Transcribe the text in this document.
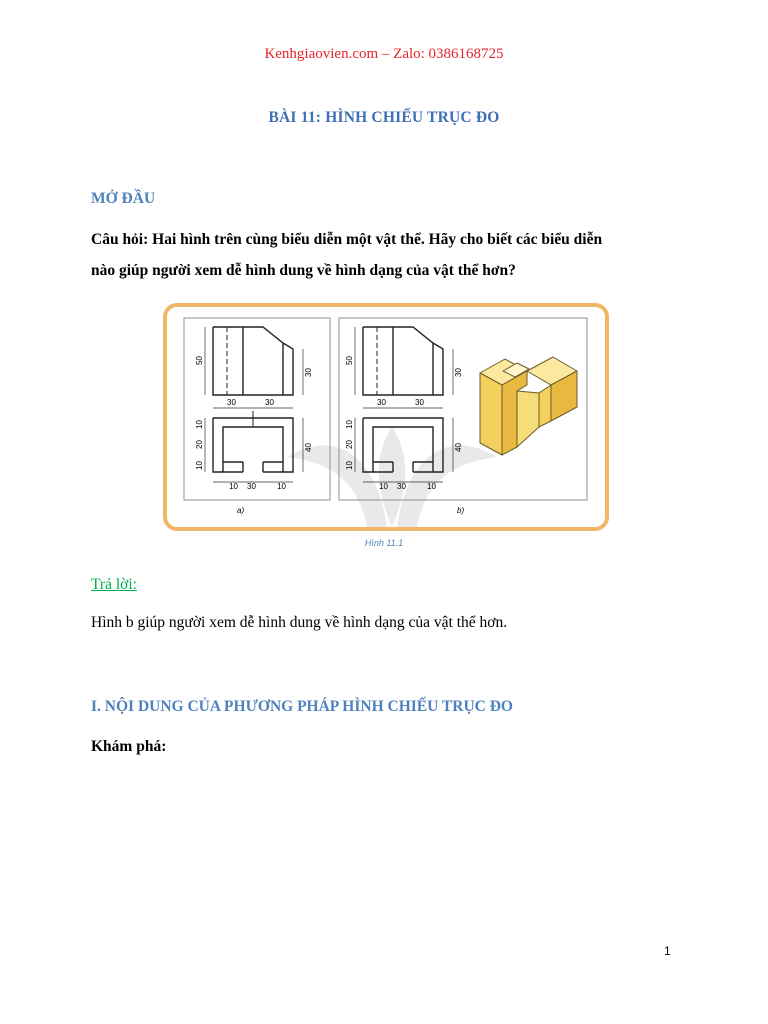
Kenhgiaovien.com – Zalo: 0386168725
BÀI 11: HÌNH CHIẾU TRỤC ĐO
MỞ ĐẦU
Câu hỏi: Hai hình trên cùng biểu diễn một vật thể. Hãy cho biết các biểu diễn
nào giúp người xem dễ hình dung về hình dạng của vật thể hơn?
50
30
30	30
10
20
10
40
10 30	10
a)
50
30
30	30
10
20
10
40
10 30	10
b)
Hình 11.1
Trả lời:
Hình b giúp người xem dễ hình dung về hình dạng của vật thể hơn.
I. NỘI DUNG CỦA PHƯƠNG PHÁP HÌNH CHIẾU TRỤC ĐO
Khám phá:
1
